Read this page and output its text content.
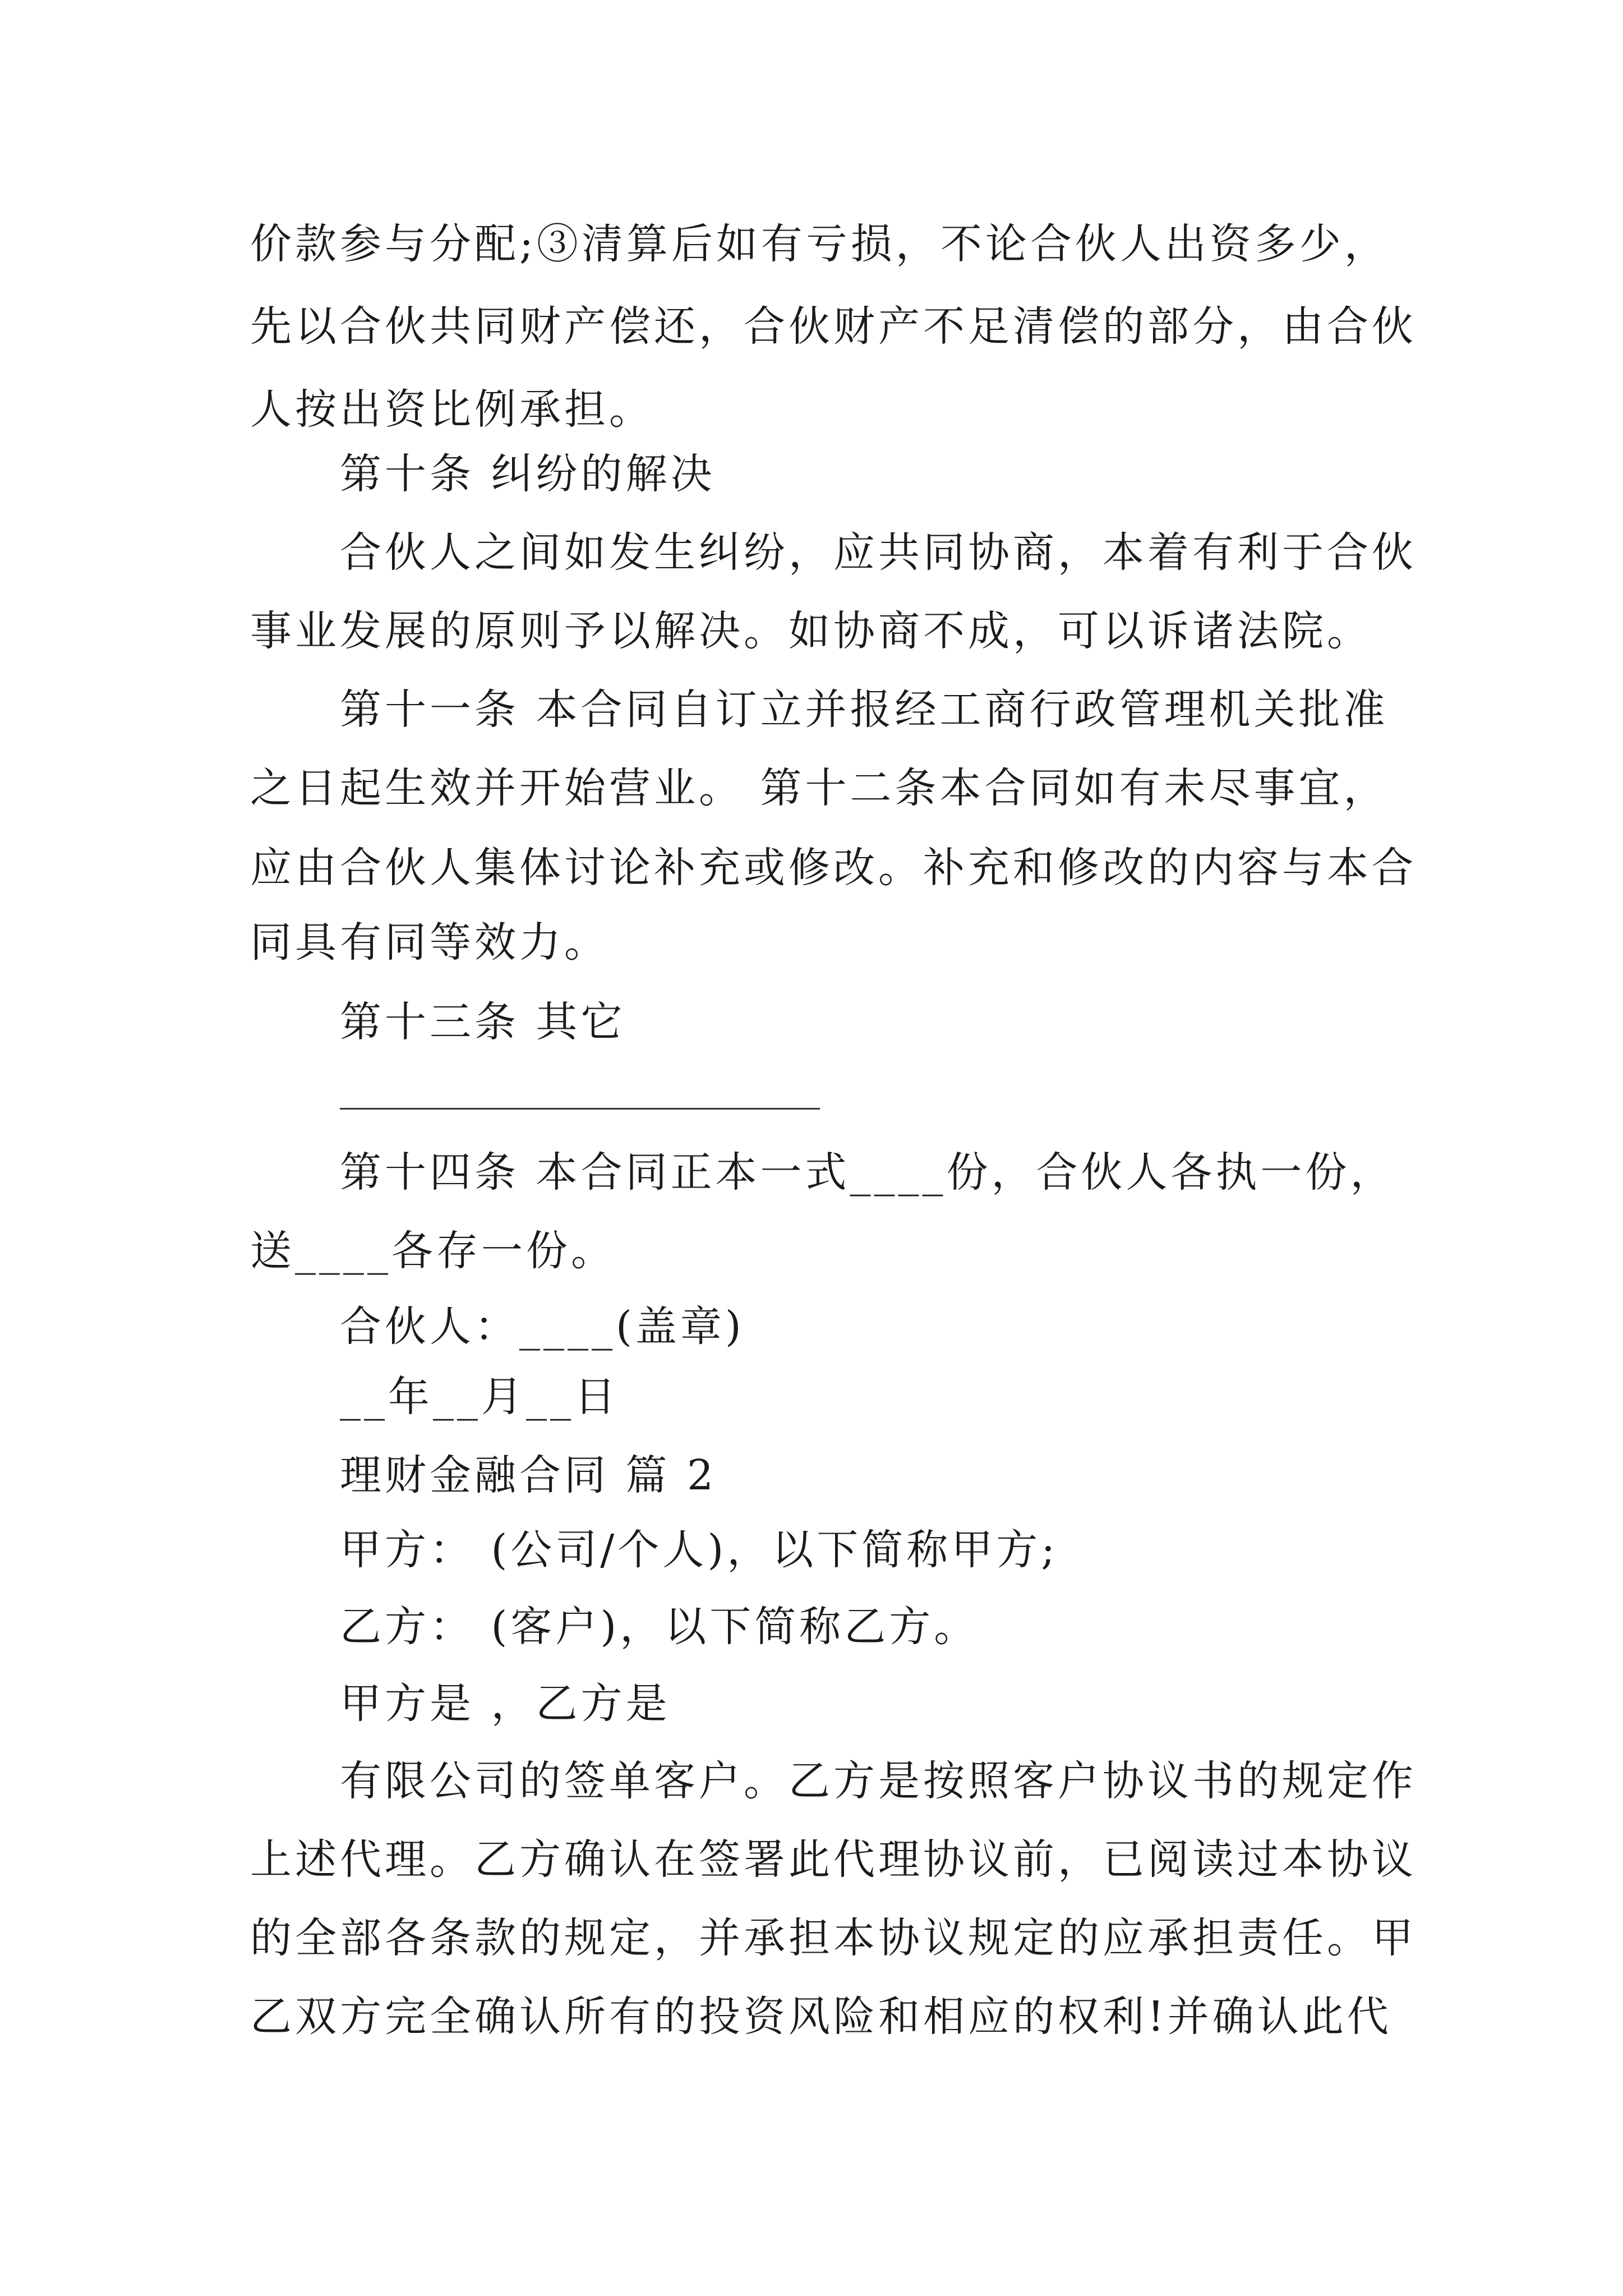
价款参与分配;③清算后如有亏损，不论合伙人出资多少，
先以合伙共同财产偿还，合伙财产不足清偿的部分，由合伙
人按出资比例承担。
第十条 纠纷的解决
合伙人之间如发生纠纷，应共同协商，本着有利于合伙
事业发展的原则予以解决。如协商不成，可以诉诸法院。
第十一条 本合同自订立并报经工商行政管理机关批准
之日起生效并开始营业。 第十二条本合同如有未尽事宜，
应由合伙人集体讨论补充或修改。补充和修改的内容与本合
同具有同等效力。
第十三条 其它
第十四条 本合同正本一式____份，合伙人各执一份，
送____各存一份。
合伙人：____(盖章)
__年__月__日
理财金融合同 篇 2
甲方： (公司/个人)，以下简称甲方;
乙方： (客户)，以下简称乙方。
甲方是 ，乙方是
有限公司的签单客户。乙方是按照客户协议书的规定作
上述代理。乙方确认在签署此代理协议前，已阅读过本协议
的全部各条款的规定，并承担本协议规定的应承担责任。甲
乙双方完全确认所有的投资风险和相应的权利!并确认此代
